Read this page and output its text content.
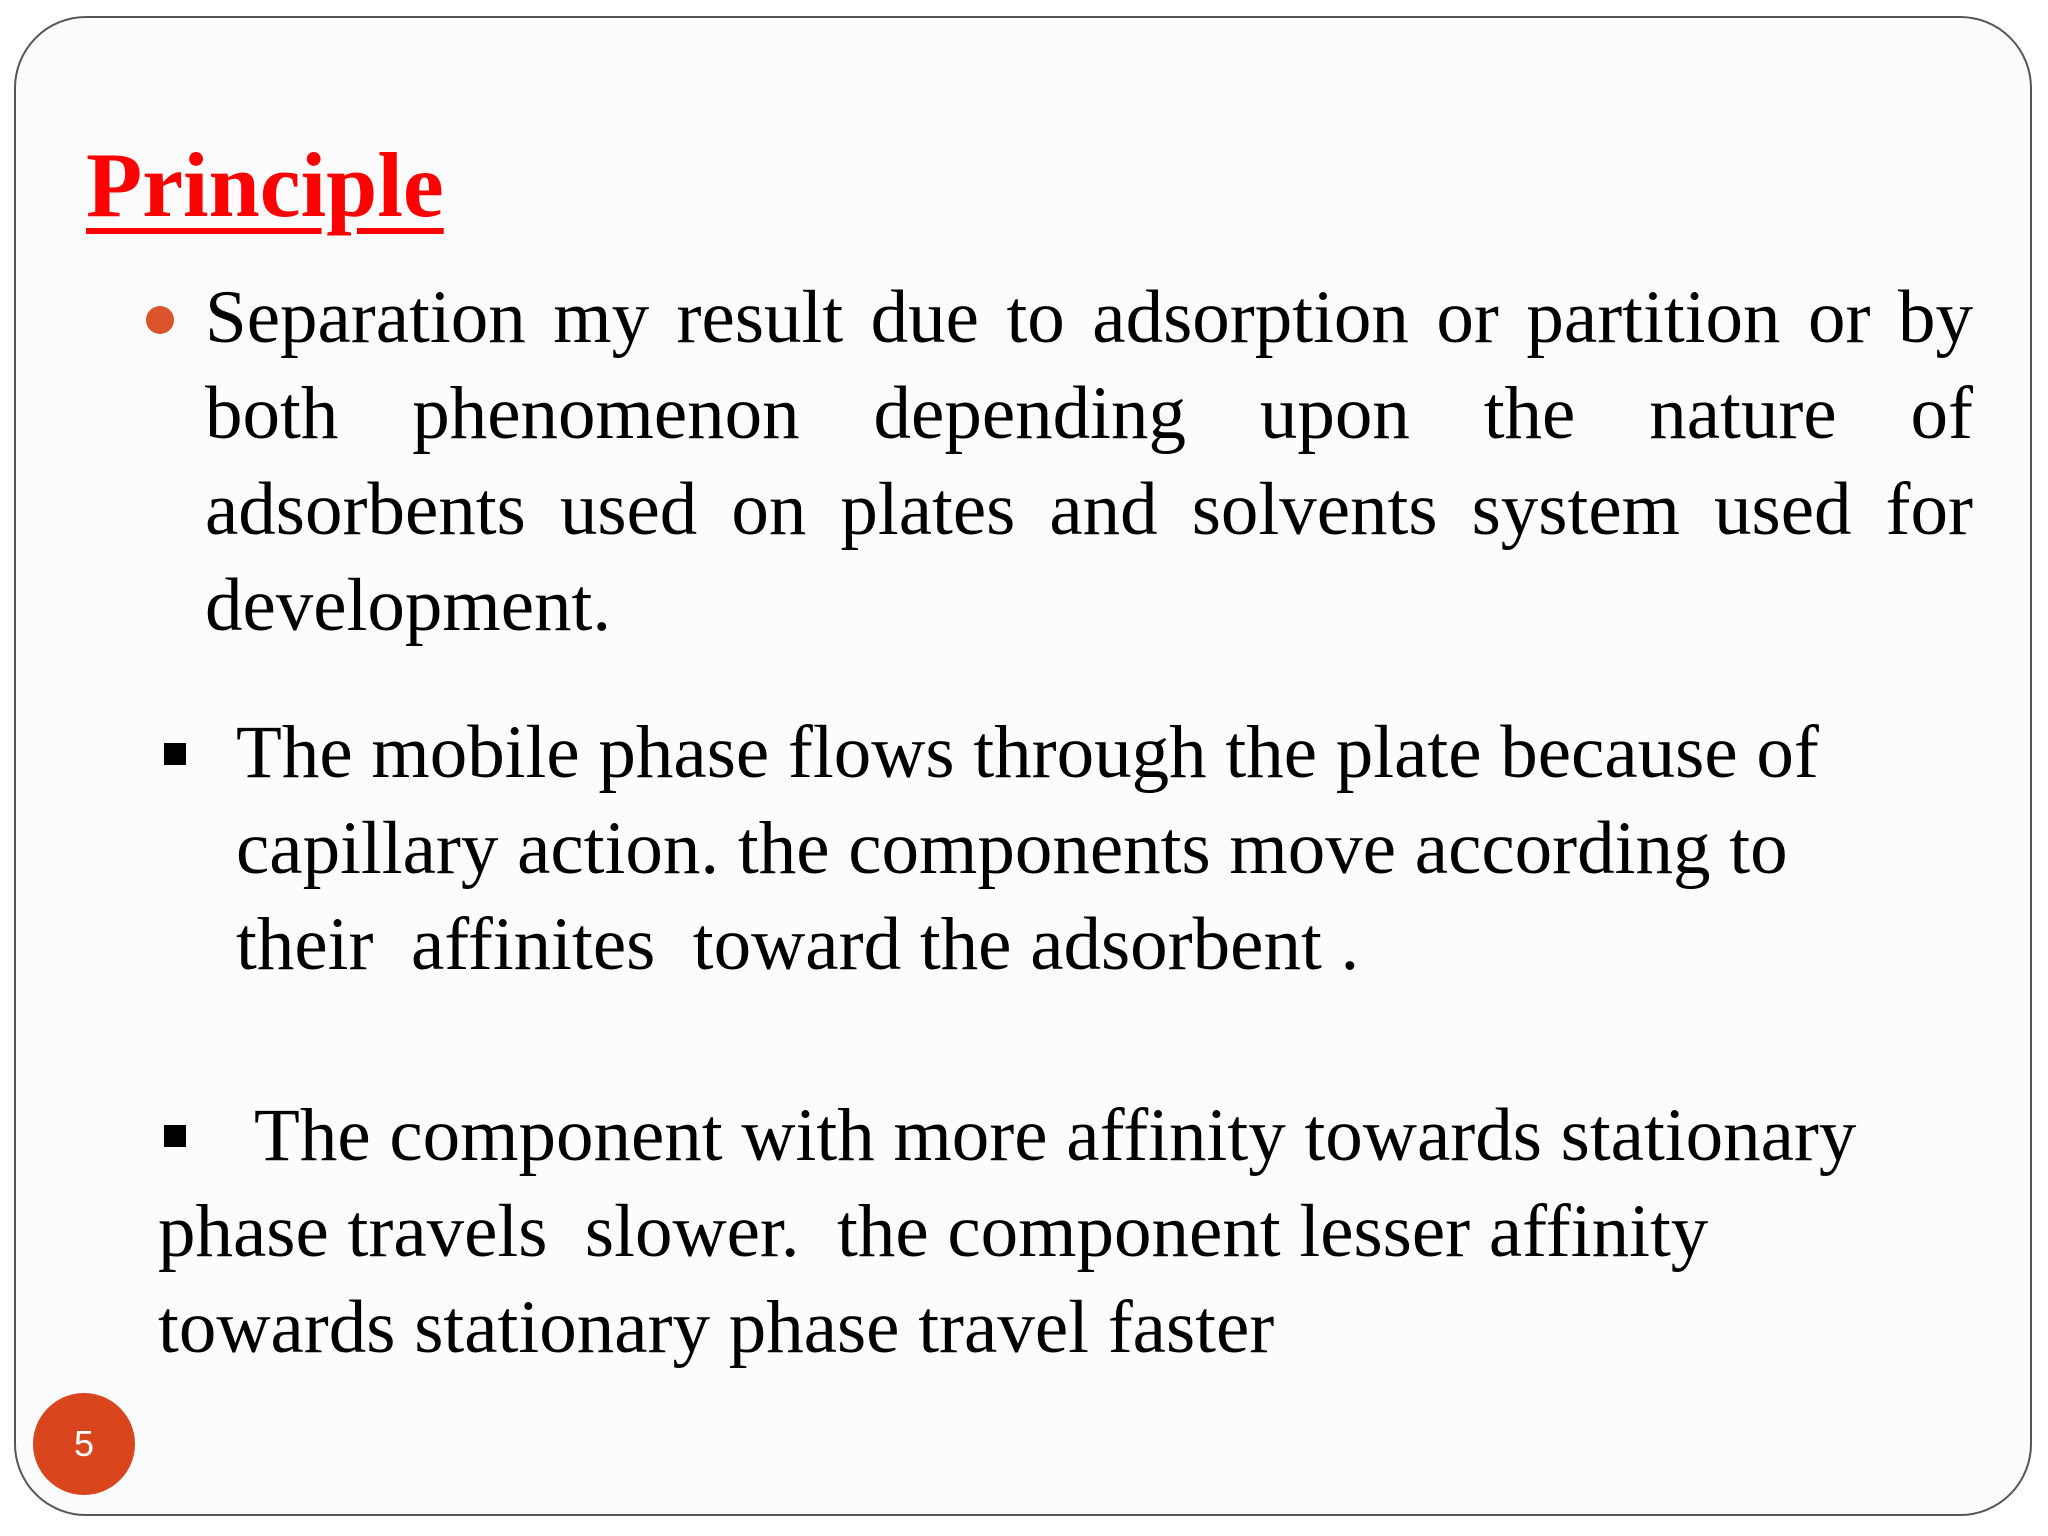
Principle

Separation my result due to adsorption or partition or by both phenomenon depending upon the nature of adsorbents used on plates and solvents system used for development.

The mobile phase flows through the plate because of
capillary action. the components move according to
their  affinites  toward the adsorbent .

The component with more affinity towards stationary
phase travels  slower.  the component lesser affinity
towards stationary phase travel faster

5
